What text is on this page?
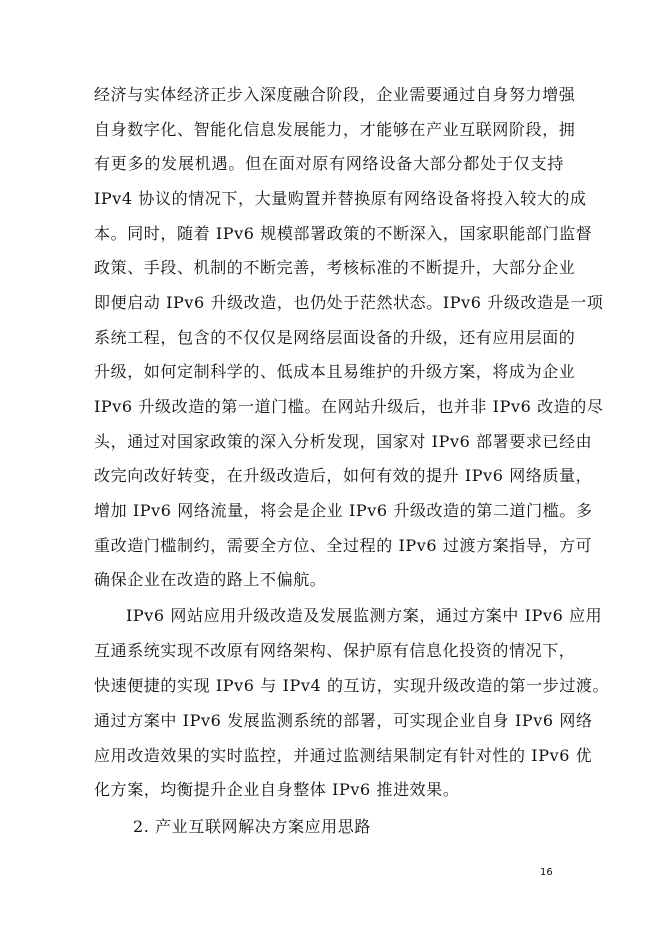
经济与实体经济正步入深度融合阶段，企业需要通过自身努力增强
自身数字化、智能化信息发展能力，才能够在产业互联网阶段，拥
有更多的发展机遇。但在面对原有网络设备大部分都处于仅支持
IPv4 协议的情况下，大量购置并替换原有网络设备将投入较大的成
本。同时，随着 IPv6 规模部署政策的不断深入，国家职能部门监督
政策、手段、机制的不断完善，考核标准的不断提升，大部分企业
即便启动 IPv6 升级改造，也仍处于茫然状态。IPv6 升级改造是一项
系统工程，包含的不仅仅是网络层面设备的升级，还有应用层面的
升级，如何定制科学的、低成本且易维护的升级方案，将成为企业
IPv6 升级改造的第一道门槛。在网站升级后，也并非 IPv6 改造的尽
头，通过对国家政策的深入分析发现，国家对 IPv6 部署要求已经由
改完向改好转变，在升级改造后，如何有效的提升 IPv6 网络质量，
增加 IPv6 网络流量，将会是企业 IPv6 升级改造的第二道门槛。多
重改造门槛制约，需要全方位、全过程的 IPv6 过渡方案指导，方可
确保企业在改造的路上不偏航。
IPv6 网站应用升级改造及发展监测方案，通过方案中 IPv6 应用
互通系统实现不改原有网络架构、保护原有信息化投资的情况下，
快速便捷的实现 IPv6 与 IPv4 的互访，实现升级改造的第一步过渡。
通过方案中 IPv6 发展监测系统的部署，可实现企业自身 IPv6 网络
应用改造效果的实时监控，并通过监测结果制定有针对性的 IPv6 优
化方案，均衡提升企业自身整体 IPv6 推进效果。
2. 产业互联网解决方案应用思路
16
